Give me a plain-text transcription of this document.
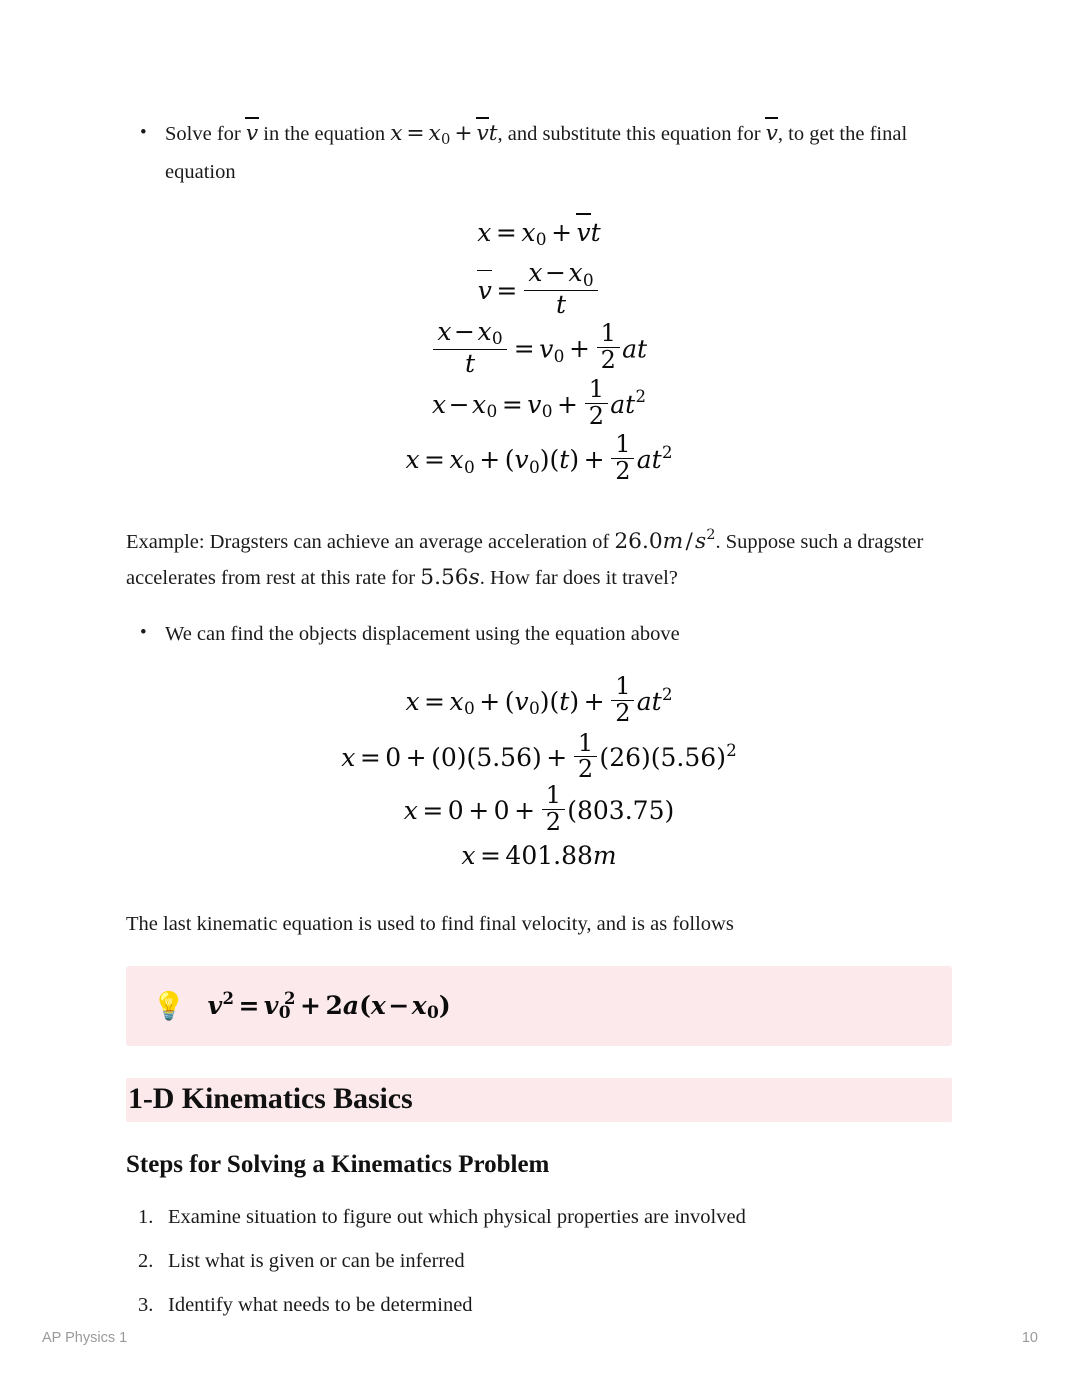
• Solve for v in the equation $x = x_0$ + vt, and substitute this equation for v, to get the final equation
$x = x_0$ + vt
$v = \frac{x - x_0}{t}$
$\frac{x - x_0}{t} = v_0 + \frac{1}{2}$ at
$x - x_0 = v_0 + \frac{1}{2} at^2$
$x = x_0 + (v_0)(t) + \frac{1}{2} at^2$

Example: Dragsters can achieve an average acceleration of $26.0m/s^2$. Suppose such a dragster accelerates from rest at this rate for 5.56s. How far does it travel?

• We can find the objects displacement using the equation above
$x = x_0 + (v_0)(t) + \frac{1}{2} at^2$
$x = 0 + (0)(5.56) + \frac{1}{2} (26)(5.56)^2$
$x = 0 + 0 + \frac{1}{2} (803.75)$
x = 401.88m

The last kinematic equation is used to find final velocity, and is as follows

💡 $v^2 = v_0^2 + 2a(x - x_0)$
1-D Kinematics Basics
Steps for Solving a Kinematics Problem
Examine situation to figure out which physical properties are involved
List what is given or can be inferred
Identify what needs to be determined
AP Physics 1	10
